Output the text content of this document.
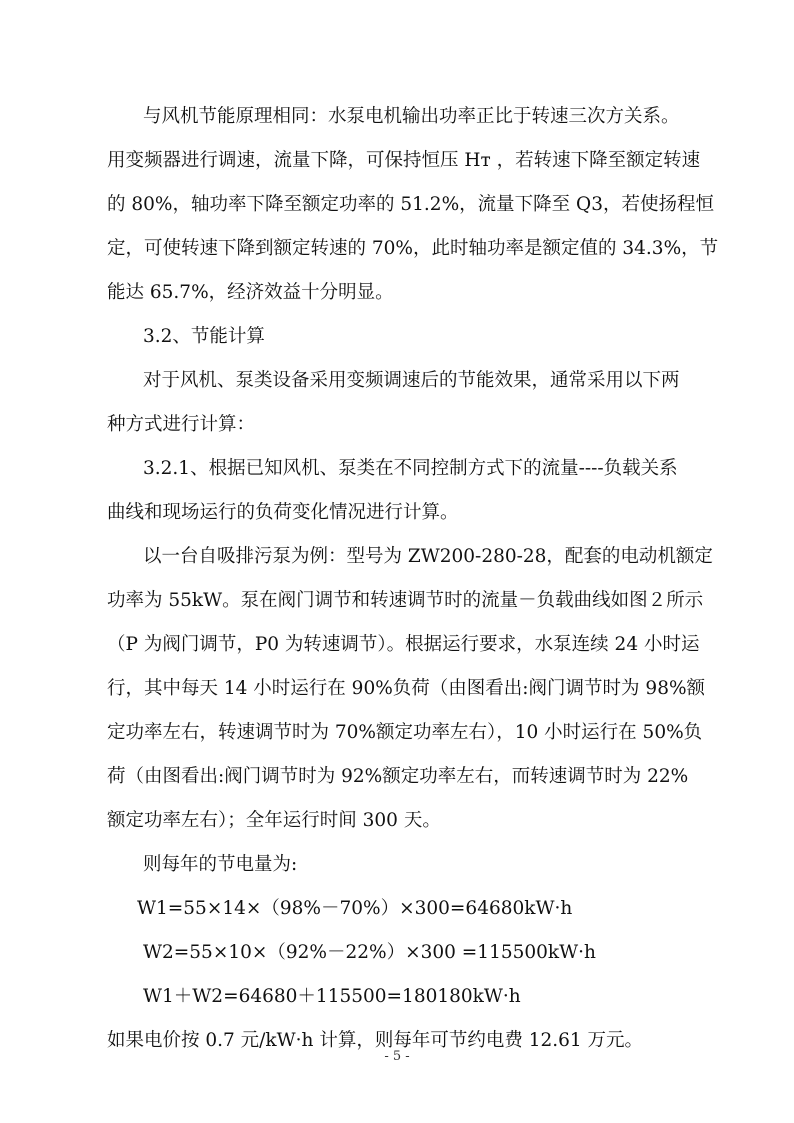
与风机节能原理相同：水泵电机输出功率正比于转速三次方关系。
用变频器进行调速，流量下降，可保持恒压 Hт ，若转速下降至额定转速
的 80%，轴功率下降至额定功率的 51.2%，流量下降至 Q3，若使扬程恒
定，可使转速下降到额定转速的 70%，此时轴功率是额定值的 34.3%，节
能达 65.7%，经济效益十分明显。
3.2、节能计算
对于风机、泵类设备采用变频调速后的节能效果，通常采用以下两
种方式进行计算：
3.2.1、根据已知风机、泵类在不同控制方式下的流量----负载关系
曲线和现场运行的负荷变化情况进行计算。
以一台自吸排污泵为例：型号为 ZW200-280-28，配套的电动机额定
功率为 55kW。泵在阀门调节和转速调节时的流量－负载曲线如图２所示
（P 为阀门调节，P0 为转速调节）。根据运行要求，水泵连续 24 小时运
行，其中每天 14 小时运行在 90%负荷（由图看出:阀门调节时为 98%额
定功率左右，转速调节时为 70%额定功率左右），10 小时运行在 50%负
荷（由图看出:阀门调节时为 92%额定功率左右，而转速调节时为 22%
额定功率左右）；全年运行时间 300 天。
则每年的节电量为:
W1=55×14×（98%－70%）×300=64680kW·h
W2=55×10×（92%－22%）×300 =115500kW·h
W1＋W2=64680＋115500=180180kW·h
如果电价按 0.7 元/kW·h 计算，则每年可节约电费 12.61 万元。
- 5 -
